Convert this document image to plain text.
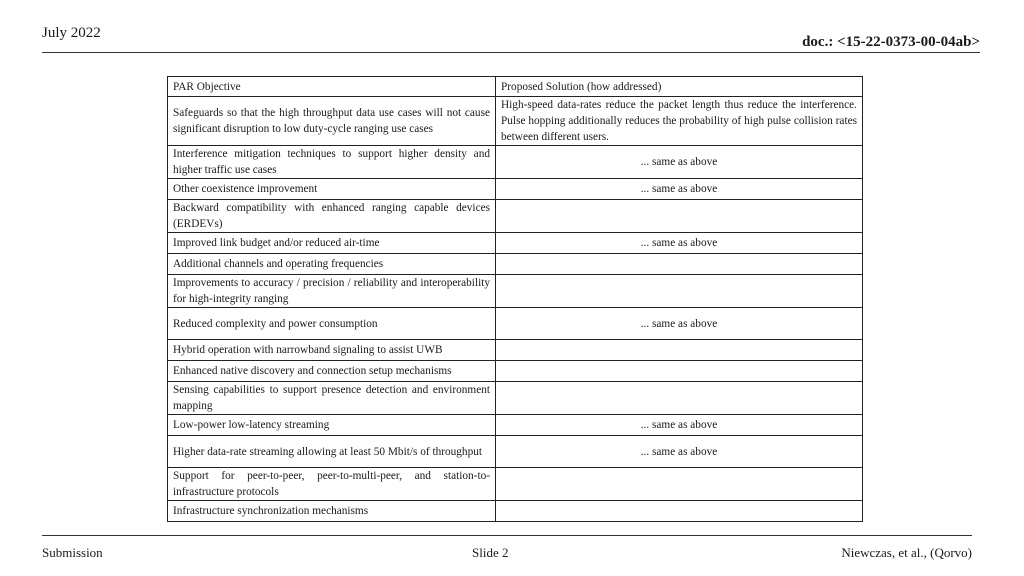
July 2022
doc.: <15-22-0373-00-04ab>
PAR Objective	Proposed Solution (how addressed)
Safeguards so that the high throughput data use cases will not cause significant disruption to low duty-cycle ranging use cases	High-speed data-rates reduce the packet length thus reduce the interference. Pulse hopping additionally reduces the probability of high pulse collision rates between different users.
Interference mitigation techniques to support higher density and higher traffic use cases	... same as above
Other coexistence improvement	... same as above
Backward compatibility with enhanced ranging capable devices (ERDEVs)	
Improved link budget and/or reduced air-time	... same as above
Additional channels and operating frequencies	
Improvements to accuracy / precision / reliability and interoperability for high-integrity ranging	
Reduced complexity and power consumption	... same as above
Hybrid operation with narrowband signaling to assist UWB	
Enhanced native discovery and connection setup mechanisms	
Sensing capabilities to support presence detection and environment mapping	
Low-power low-latency streaming	... same as above
Higher data-rate streaming allowing at least 50 Mbit/s of throughput	... same as above
Support for peer-to-peer, peer-to-multi-peer, and station-to-infrastructure protocols	
Infrastructure synchronization mechanisms	
Submission	Slide 2	Niewczas, et al., (Qorvo)
